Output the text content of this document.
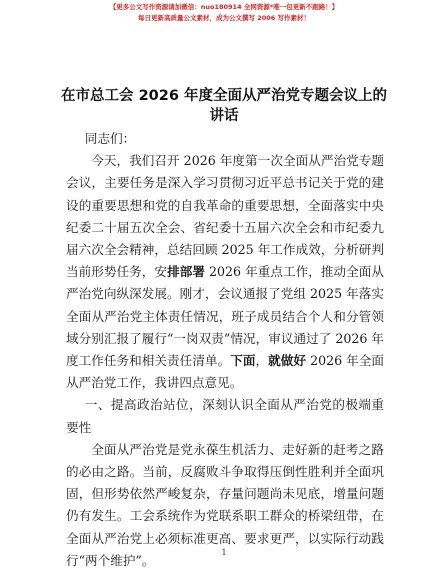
【更多公文写作资源请加微信：nuo180914 全网资源*唯一包更新不跑路！】
每日更新高质量公文素材，成为公文撰写 2006 写作素材！
在市总工会 2026 年度全面从严治党专题会议上的讲话

同志们：

今天，我们召开 2026 年度第一次全面从严治党专题会议，主要任务是深入学习贯彻习近平总书记关于党的建设的重要思想和党的自我革命的重要思想，全面落实中央纪委二十届五次全会、省纪委十五届六次全会和市纪委九届六次全会精神，总结回顾 2025 年工作成效，分析研判当前形势任务，安排部署 2026 年重点工作，推动全面从严治党向纵深发展。刚才，会议通报了党组 2025 年落实全面从严治党主体责任情况，班子成员结合个人和分管领域分别汇报了履行“一岗双责”情况，审议通过了 2026 年度工作任务和相关责任清单。下面，就做好 2026 年全面从严治党工作，我讲四点意见。

一、提高政治站位，深刻认识全面从严治党的极端重要性

全面从严治党是党永葆生机活力、走好新的赶考之路的必由之路。当前，反腐败斗争取得压倒性胜利并全面巩固，但形势依然严峻复杂，存量问题尚未见底，增量问题仍有发生。工会系统作为党联系职工群众的桥梁纽带，在全面从严治党上必须标准更高、要求更严，以实际行动践行“两个维护”。

1
